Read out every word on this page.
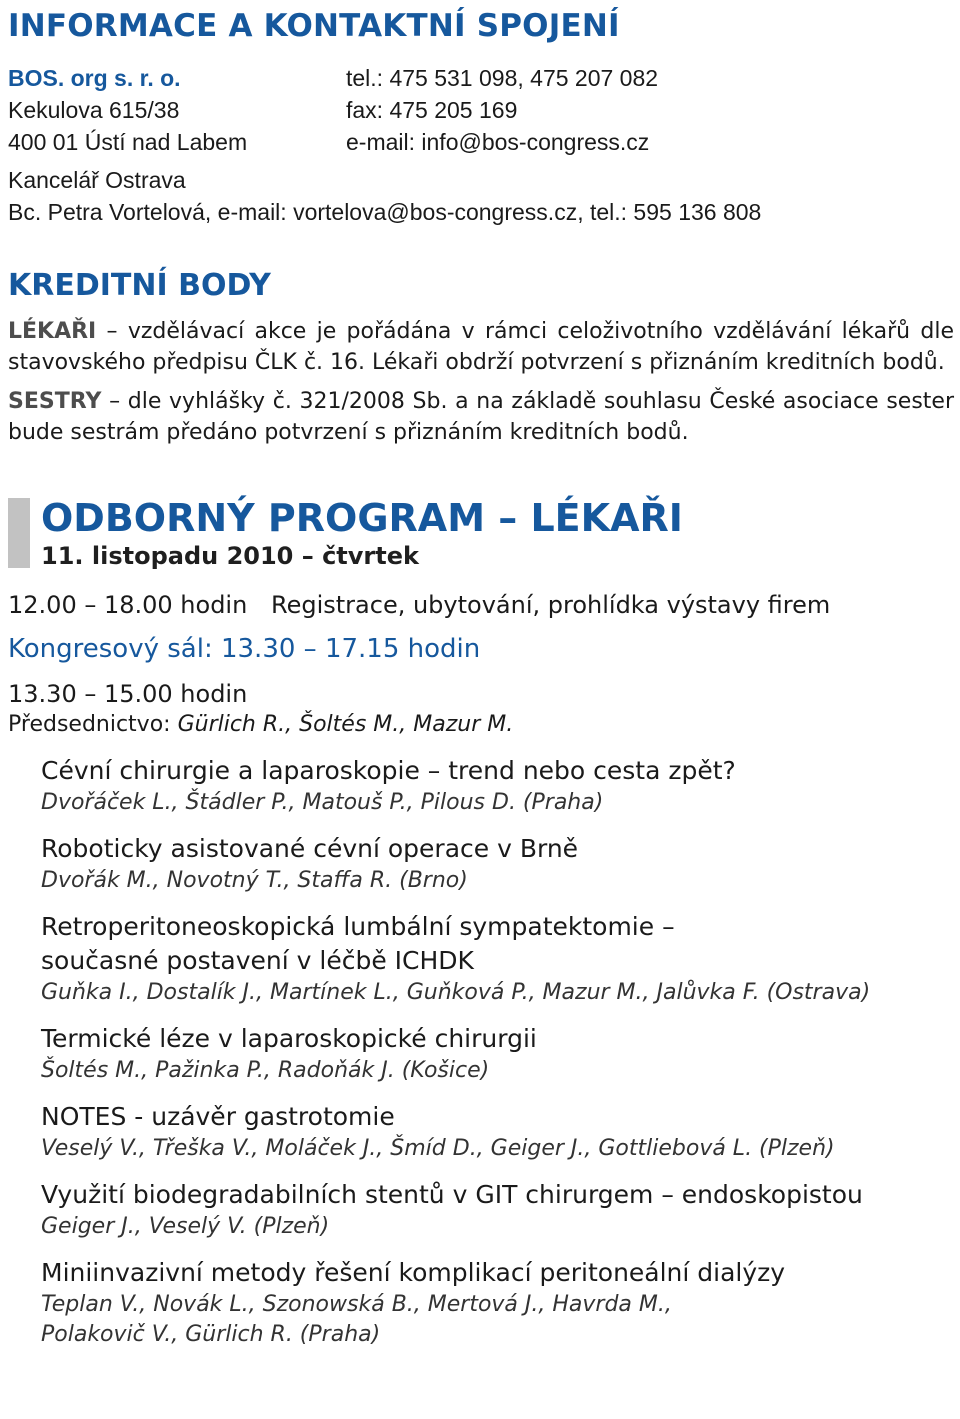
INFORMACE A KONTAKTNÍ SPOJENÍ
BOS. org s. r. o.	tel.: 475 531 098, 475 207 082
Kekulova 615/38	fax: 475 205 169
400 01 Ústí nad Labem	e-mail: info@bos-congress.cz
Kancelář Ostrava
Bc. Petra Vortelová, e-mail: vortelova@bos-congress.cz, tel.: 595 136 808
KREDITNÍ BODY
LÉKAŘI – vzdělávací akce je pořádána v rámci celoživotního vzdělávání lékařů dle stavovského předpisu ČLK č. 16. Lékaři obdrží potvrzení s přiznáním kreditních bodů.
SESTRY – dle vyhlášky č. 321/2008 Sb. a na základě souhlasu České asociace sester bude sestrám předáno potvrzení s přiznáním kreditních bodů.
ODBORNÝ PROGRAM – LÉKAŘI
11. listopadu 2010 – čtvrtek
12.00 – 18.00 hodin Registrace, ubytování, prohlídka výstavy firem
Kongresový sál: 13.30 – 17.15 hodin
13.30 – 15.00 hodin
Předsednictvo: Gürlich R., Šoltés M., Mazur M.
Cévní chirurgie a laparoskopie – trend nebo cesta zpět?
Dvořáček L., Štádler P., Matouš P., Pilous D. (Praha)
Roboticky asistované cévní operace v Brně
Dvořák M., Novotný T., Staffa R. (Brno)
Retroperitoneoskopická lumbální sympatektomie – současné postavení v léčbě ICHDK
Guňka I., Dostalík J., Martínek L., Guňková P., Mazur M., Jalůvka F. (Ostrava)
Termické léze v laparoskopické chirurgii
Šoltés M., Pažinka P., Radoňák J. (Košice)
NOTES - uzávěr gastrotomie
Veselý V., Třeška V., Moláček J., Šmíd D., Geiger J., Gottliebová L. (Plzeň)
Využití biodegradabilních stentů v GIT chirurgem – endoskopistou
Geiger J., Veselý V. (Plzeň)
Miniinvazivní metody řešení komplikací peritoneální dialýzy
Teplan V., Novák L., Szonowská B., Mertová J., Havrda M., Polakovič V., Gürlich R. (Praha)
